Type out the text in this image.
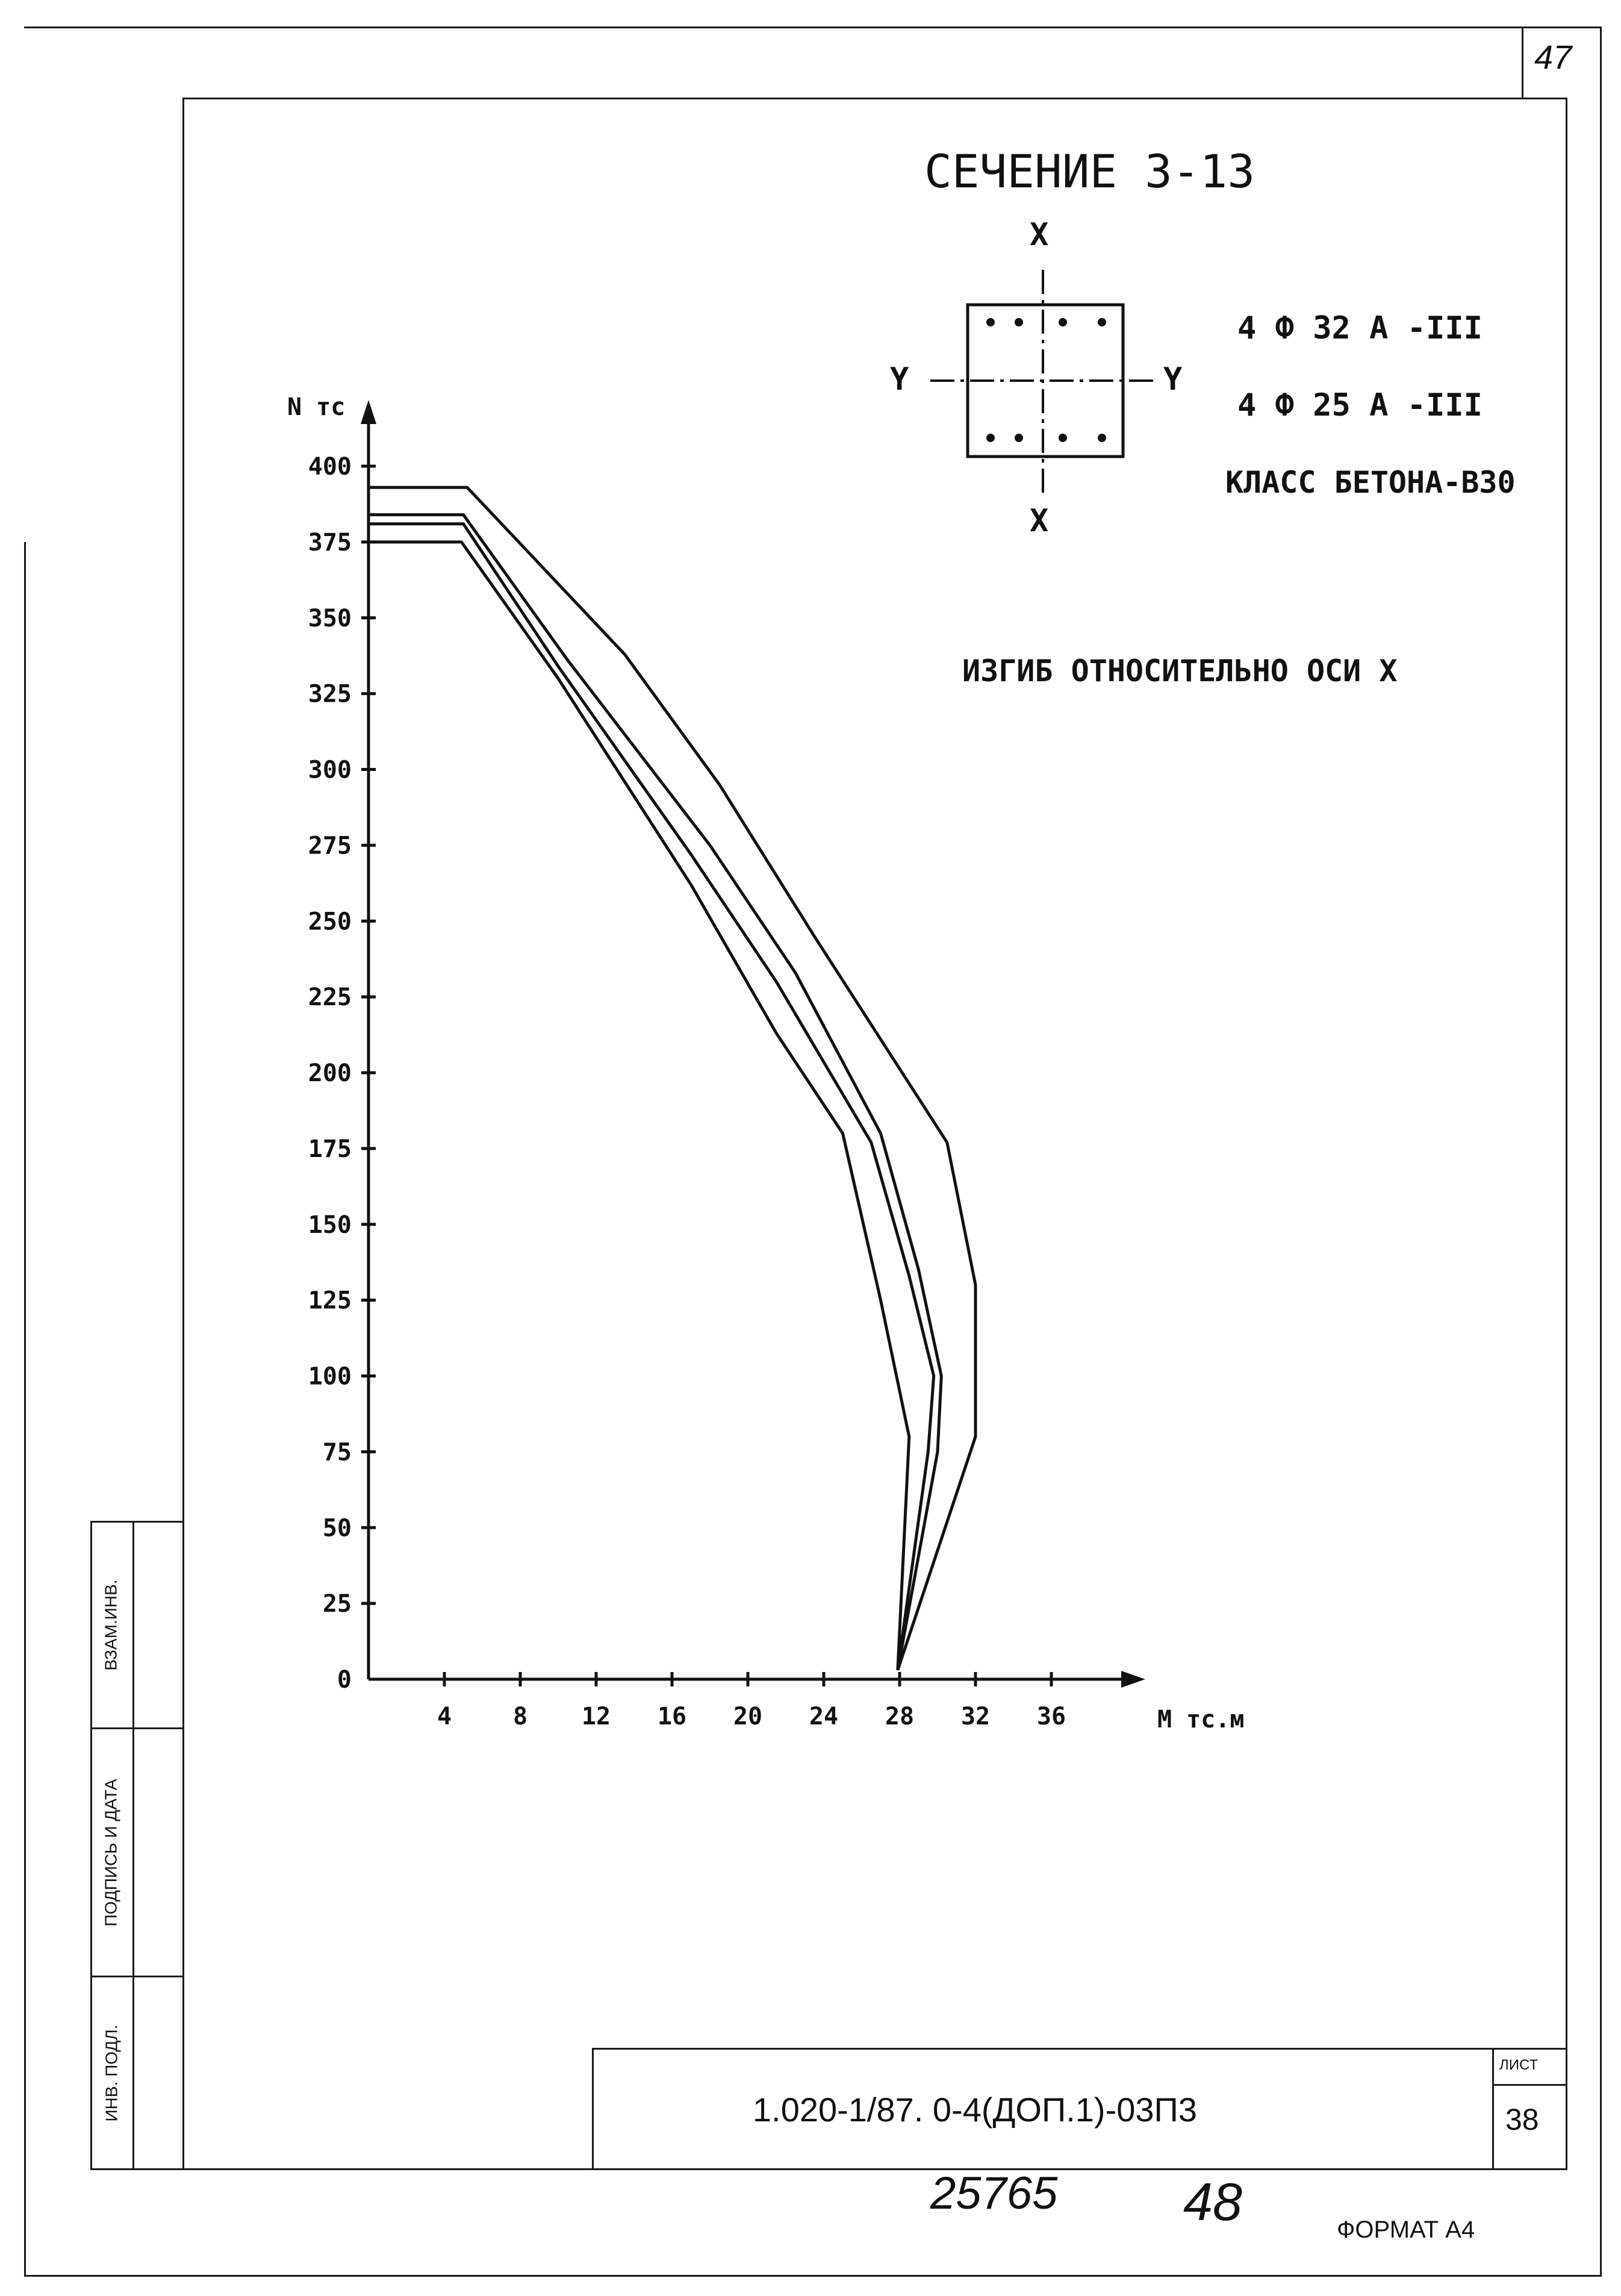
47
СЕЧЕНИЕ 3-13
X
X
Y	Y
4 Ф 32 А -III
4 Ф 25 А -III
КЛАСС БЕТОНА-В30
ИЗГИБ ОТНОСИТЕЛЬНО ОСИ X
4	8 12 16 20 24 28 32 36
0
25
50
75
100
125
150
175
200
225
250
275
300
325
350
375
400
N тс
M тс.м
ВЗАМ.ИНВ.
ПОДПИСЬ И ДАТА
ИНВ. ПОДЛ.	1.020-1/87. 0-4(ДОП.1)-03П3
ЛИСТ
38
25765 48	ФОРМАТ А4
